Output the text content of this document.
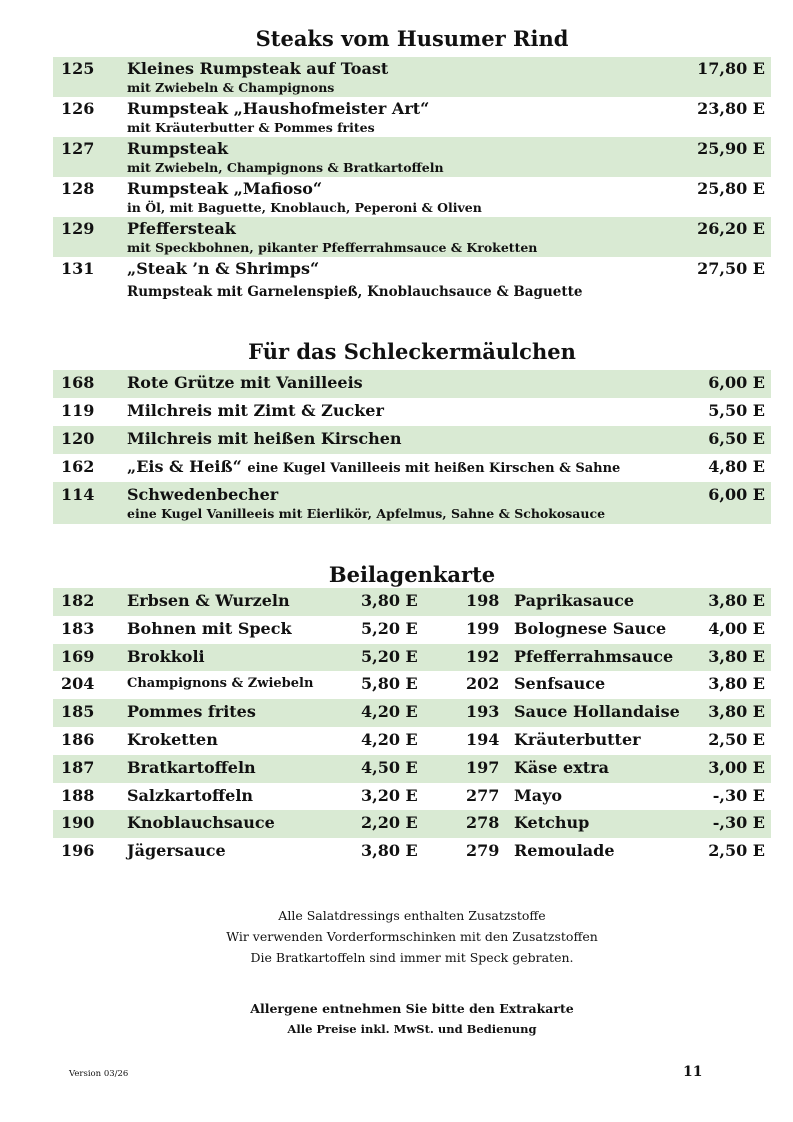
Steaks vom Husumer Rind
125 Kleines Rumpsteak auf Toast	17,80 E
mit Zwiebeln & Champignons
126 Rumpsteak „Haushofmeister Art“	23,80 E
mit Kräuterbutter & Pommes frites
127 Rumpsteak	25,90 E
mit Zwiebeln, Champignons & Bratkartoffeln
128 Rumpsteak „Mafioso“	25,80 E
in Öl, mit Baguette, Knoblauch, Peperoni & Oliven
129 Pfeffersteak	26,20 E
mit Speckbohnen, pikanter Pfefferrahmsauce & Kroketten
131 „Steak ’n & Shrimps“	27,50 E
Rumpsteak mit Garnelenspieß, Knoblauchsauce & Baguette
Für das Schleckermäulchen
168 Rote Grütze mit Vanilleeis	6,00 E
119 Milchreis mit Zimt & Zucker	5,50 E
120 Milchreis mit heißen Kirschen	6,50 E
162 „Eis & Heiß“ eine Kugel Vanilleeis mit heißen Kirschen & Sahne	4,80 E
114 Schwedenbecher	6,00 E
eine Kugel Vanilleeis mit Eierlikör, Apfelmus, Sahne & Schokosauce
Beilagenkarte
182 Erbsen & Wurzeln	3,80 E	198 Paprikasauce	3,80 E
183 Bohnen mit Speck	5,20 E	199 Bolognese Sauce	4,00 E
169 Brokkoli	5,20 E	192 Pfefferrahmsauce 3,80 E
204	Champignons & Zwiebeln	5,80 E	202 Senfsauce	3,80 E
185 Pommes frites	4,20 E	193 Sauce Hollandaise 3,80 E
186 Kroketten	4,20 E	194 Kräuterbutter	2,50 E
187 Bratkartoffeln	4,50 E	197 Käse extra	3,00 E
188 Salzkartoffeln	3,20 E	277 Mayo	-,30 E
190 Knoblauchsauce	2,20 E	278 Ketchup	-,30 E
196 Jägersauce	3,80 E	279 Remoulade	2,50 E
Alle Salatdressings enthalten Zusatzstoffe
Wir verwenden Vorderformschinken mit den Zusatzstoffen
Die Bratkartoffeln sind immer mit Speck gebraten.
Allergene entnehmen Sie bitte den Extrakarte
Alle Preise inkl. MwSt. und Bedienung
Version 03/26	11
